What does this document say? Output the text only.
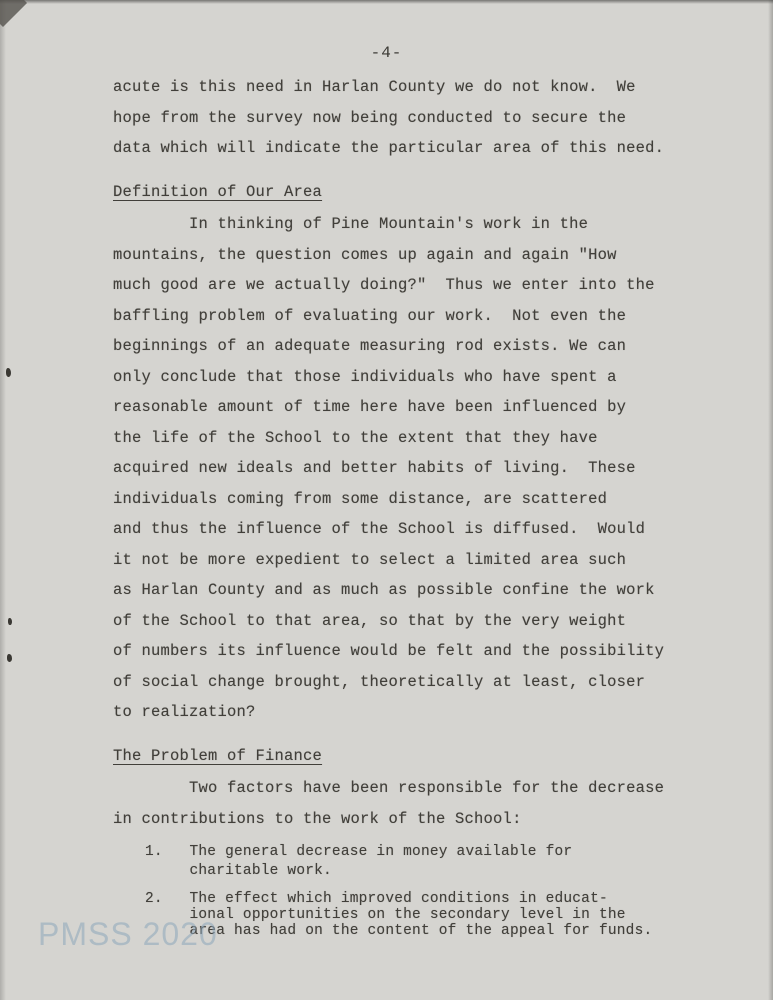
-4-
acute is this need in Harlan County we do not know.  We
hope from the survey now being conducted to secure the
data which will indicate the particular area of this need.
Definition of Our Area
In thinking of Pine Mountain's work in the
mountains, the question comes up again and again "How
much good are we actually doing?"  Thus we enter into the
baffling problem of evaluating our work.  Not even the
beginnings of an adequate measuring rod exists. We can
only conclude that those individuals who have spent a
reasonable amount of time here have been influenced by
the life of the School to the extent that they have
acquired new ideals and better habits of living.  These
individuals coming from some distance, are scattered
and thus the influence of the School is diffused.  Would
it not be more expedient to select a limited area such
as Harlan County and as much as possible confine the work
of the School to that area, so that by the very weight
of numbers its influence would be felt and the possibility
of social change brought, theoretically at least, closer
to realization?
The Problem of Finance
Two factors have been responsible for the decrease
in contributions to the work of the School:
1.   The general decrease in money available for
charitable work.
2.   The effect which improved conditions in educat-
ional opportunities on the secondary level in the
area has had on the content of the appeal for funds.
PMSS 2020
